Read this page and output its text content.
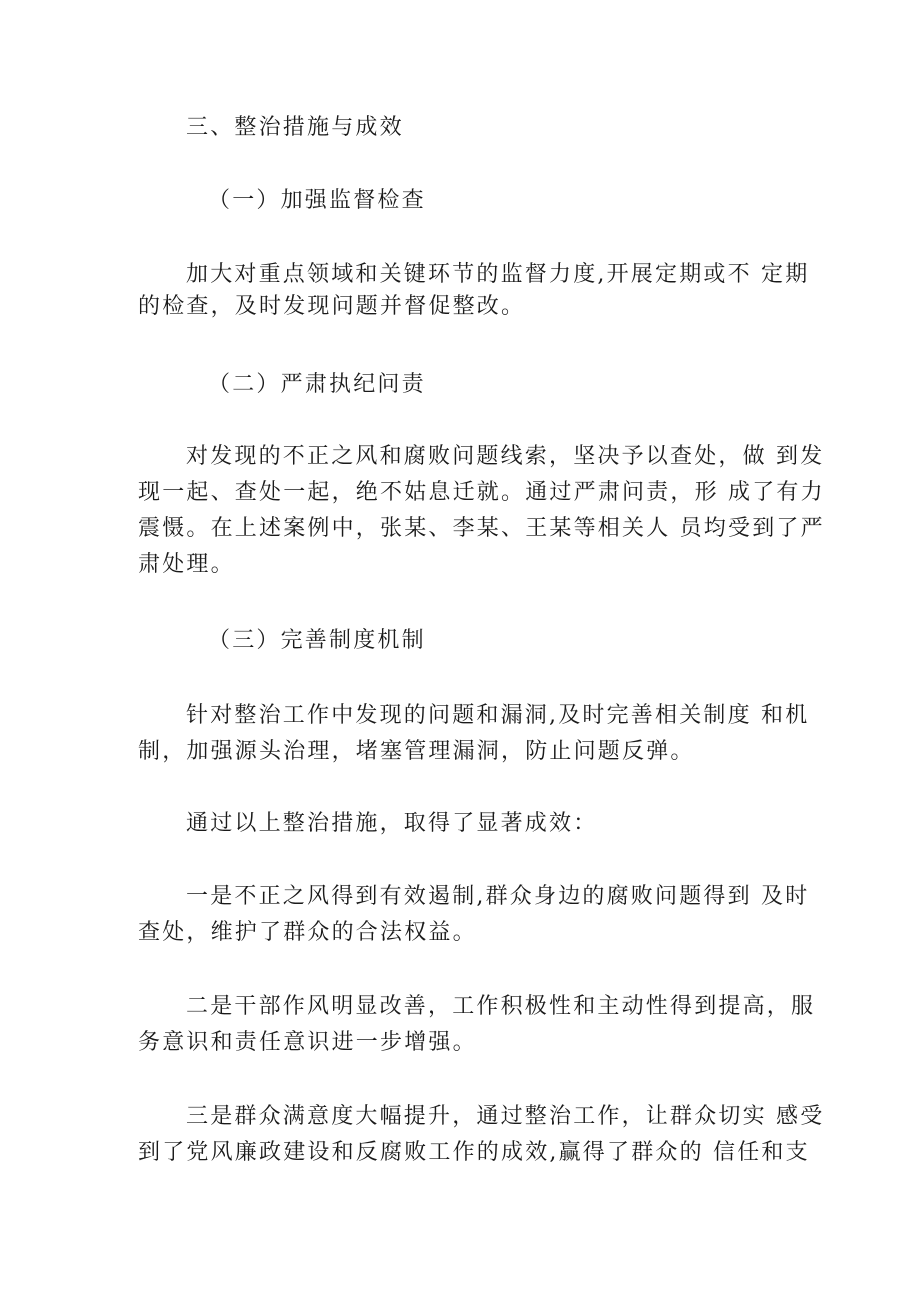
三、整治措施与成效
（一）加强监督检查
加大对重点领域和关键环节的监督力度,开展定期或不 定期
的检查，及时发现问题并督促整改。
（二）严肃执纪问责
对发现的不正之风和腐败问题线索，坚决予以查处，做 到发
现一起、查处一起，绝不姑息迁就。通过严肃问责，形 成了有力
震慑。在上述案例中，张某、李某、王某等相关人 员均受到了严
肃处理。
（三）完善制度机制
针对整治工作中发现的问题和漏洞,及时完善相关制度 和机
制，加强源头治理，堵塞管理漏洞，防止问题反弹。
通过以上整治措施，取得了显著成效：
一是不正之风得到有效遏制,群众身边的腐败问题得到 及时
查处，维护了群众的合法权益。
二是干部作风明显改善，工作积极性和主动性得到提高，服
务意识和责任意识进一步增强。
三是群众满意度大幅提升，通过整治工作，让群众切实 感受
到了党风廉政建设和反腐败工作的成效,赢得了群众的 信任和支
